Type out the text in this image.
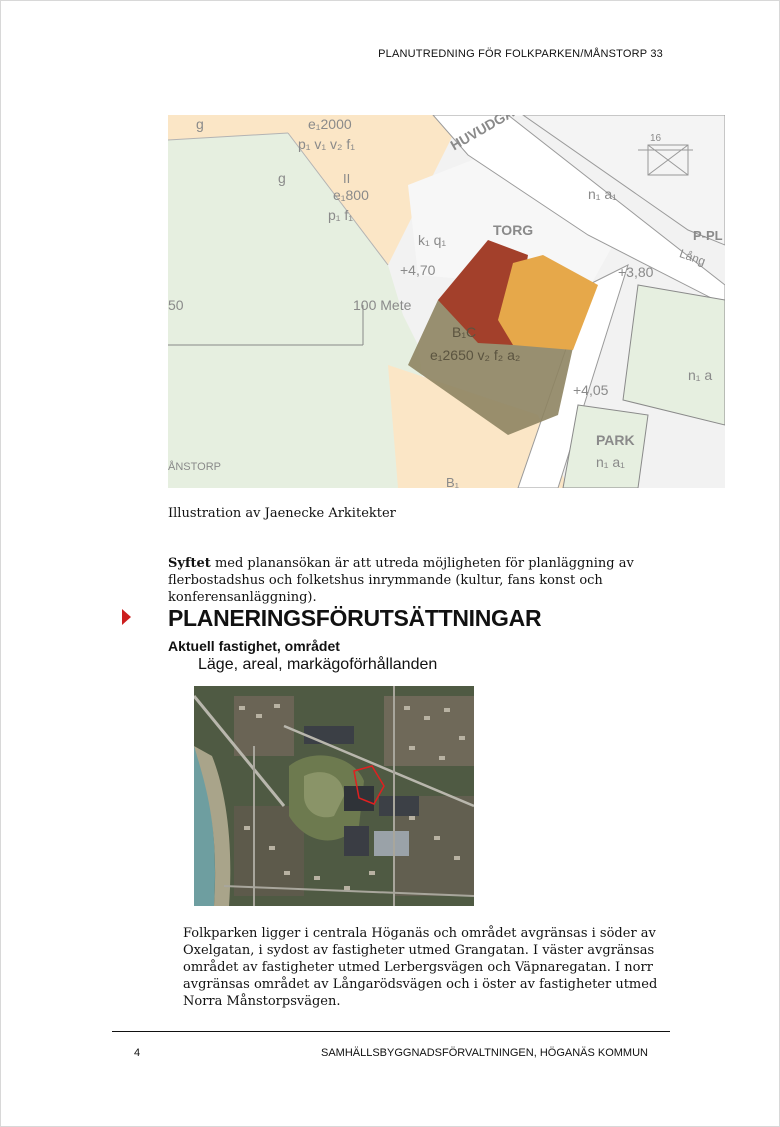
PLANUTREDNING FÖR FOLKPARKEN/MÅNSTORP 33
g	e₁2000
p₁ v₁ v₂ f₁
g	II
e₁800
p₁ f₁
n₁ a₁
TORG
k₁ q₁
+4,70	+3,80
P-PL
Lång
100 Mete
50
B₁C
e₁2650 v₂ f₂ a₂
+4,05
PARK
n₁ a₁
n₁ a
ÅNSTORP
B₁
16
Illustration av Jaenecke Arkitekter
Syftet med planansökan är att utreda möjligheten för planläggning av flerbostadshus och folketshus inrymmande (kultur, fans konst och konferensanläggning).
PLANERINGSFÖRUTSÄTTNINGAR
Aktuell fastighet, området
Läge, areal, markägoförhållanden
Folkparken ligger i centrala Höganäs och området avgränsas i söder av Oxelgatan, i sydost av fastigheter utmed Grangatan. I väster avgränsas området av fastigheter utmed Lerbergsvägen och Väpnaregatan. I norr avgränsas området av Långarödsvägen och i öster av fastigheter utmed Norra Månstorpsvägen.
4	SAMHÄLLSBYGGNADSFÖRVALTNINGEN, HÖGANÄS KOMMUN
